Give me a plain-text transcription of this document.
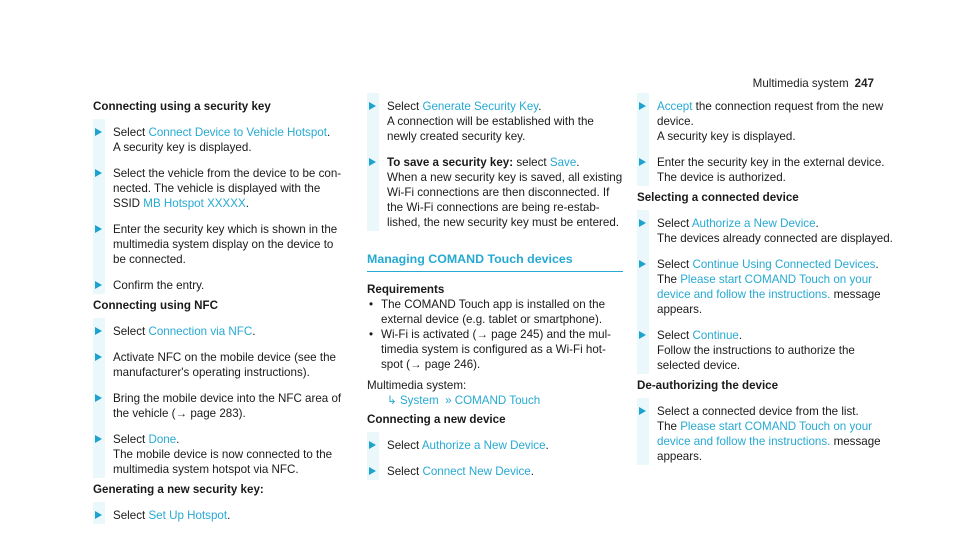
Multimedia system 247

Connecting using a security key

Select Connect Device to Vehicle Hotspot.

A security key is displayed.

Select the vehicle from the device to be con-

nected. The vehicle is displayed with the

SSID MB Hotspot XXXXX.

Enter the security key which is shown in the

multimedia system display on the device to

be connected.

Confirm the entry.

Connecting using NFC

Select Connection via NFC.

Activate NFC on the mobile device (see the

manufacturer's operating instructions).

Bring the mobile device into the NFC area of

the vehicle (→ page 283).

Select Done.

The mobile device is now connected to the

multimedia system hotspot via NFC.

Generating a new security key:

Select Set Up Hotspot.

Select Generate Security Key.

A connection will be established with the

newly created security key.

To save a security key: select Save.

When a new security key is saved, all existing

Wi-Fi connections are then disconnected. If

the Wi-Fi connections are being re-estab-

lished, the new security key must be entered.

Managing COMAND Touch devices

Requirements

• The COMAND Touch app is installed on the

external device (e.g. tablet or smartphone).

• Wi-Fi is activated (→ page 245) and the mul-

timedia system is configured as a Wi-Fi hot-

spot (→ page 246).

Multimedia system:

↳ System » COMAND Touch

Connecting a new device

Select Authorize a New Device.

Select Connect New Device.

Accept the connection request from the new

device.

A security key is displayed.

Enter the security key in the external device.

The device is authorized.

Selecting a connected device

Select Authorize a New Device.

The devices already connected are displayed.

Select Continue Using Connected Devices.

The Please start COMAND Touch on your

device and follow the instructions. message

appears.

Select Continue.

Follow the instructions to authorize the

selected device.

De-authorizing the device

Select a connected device from the list.

The Please start COMAND Touch on your

device and follow the instructions. message

appears.
